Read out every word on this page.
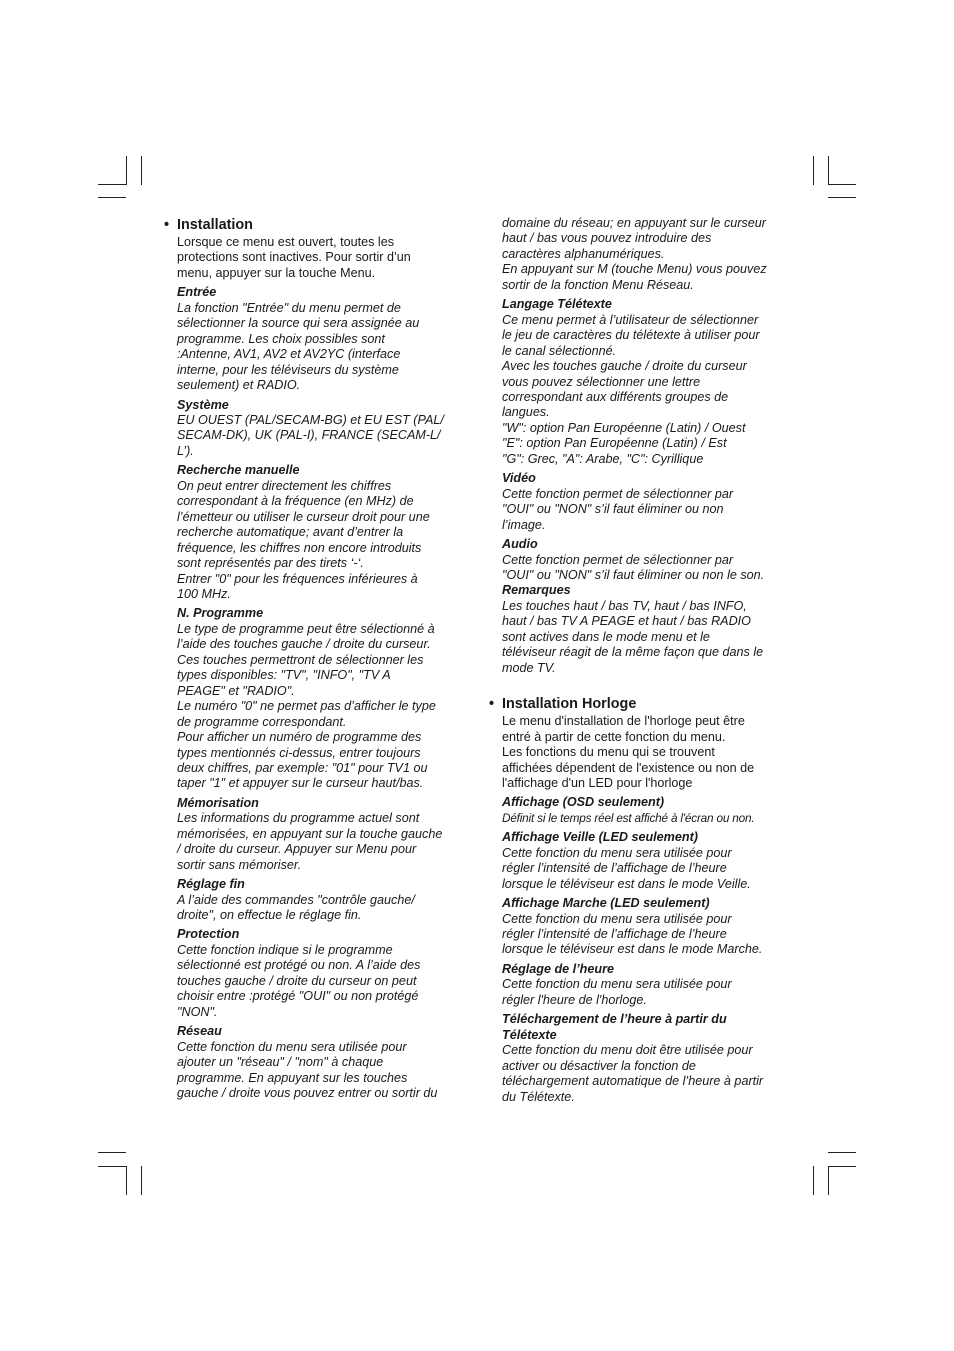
• Installation
Lorsque ce menu est ouvert, toutes les
protections sont inactives. Pour sortir d’un
menu, appuyer sur la touche Menu.
Entrée
La fonction "Entrée" du menu permet de
sélectionner la source qui sera assignée au
programme. Les choix possibles sont
:Antenne, AV1, AV2 et AV2YC (interface
interne, pour les téléviseurs du système
seulement) et RADIO.
Système
EU OUEST (PAL/SECAM-BG) et EU EST (PAL/
SECAM-DK), UK (PAL-I), FRANCE (SECAM-L/
L’).
Recherche manuelle
On peut entrer directement les chiffres
correspondant à la fréquence (en MHz) de
l’émetteur ou utiliser le curseur droit pour une
recherche automatique; avant d’entrer la
fréquence, les chiffres non encore introduits
sont représentés par des tirets ‘-‘.
Entrer "0" pour les fréquences inférieures à
100 MHz.
N. Programme
Le type de programme peut être sélectionné à
l’aide des touches gauche / droite du curseur.
Ces touches permettront de sélectionner les
types disponibles: "TV", "INFO", "TV A
PEAGE" et "RADIO".
Le numéro "0" ne permet pas d’afficher le type
de programme correspondant.
Pour afficher un numéro de programme des
types mentionnés ci-dessus, entrer toujours
deux chiffres, par exemple: "01" pour TV1 ou
taper "1" et appuyer sur le curseur haut/bas.
Mémorisation
Les informations du programme actuel sont
mémorisées, en appuyant sur la touche gauche
/ droite du curseur. Appuyer sur Menu pour
sortir sans mémoriser.
Réglage fin
A l’aide des commandes "contrôle gauche/
droite", on effectue le réglage fin.
Protection
Cette fonction indique si le programme
sélectionné est protégé ou non. A l’aide des
touches gauche / droite du curseur on peut
choisir entre :protégé "OUI" ou non protégé
"NON".
Réseau
Cette fonction du menu sera utilisée pour
ajouter un "réseau" / "nom" à chaque
programme. En appuyant sur les touches
gauche / droite vous pouvez entrer ou sortir du
domaine du réseau; en appuyant sur le curseur
haut / bas vous pouvez introduire des
caractères alphanumériques.
En appuyant sur M (touche Menu) vous pouvez
sortir de la fonction Menu Réseau.
Langage Télétexte
Ce menu permet à l’utilisateur de sélectionner
le jeu de caractères du télétexte à utiliser pour
le canal sélectionné.
Avec les touches gauche / droite du curseur
vous pouvez sélectionner une lettre
correspondant aux différents groupes de
langues.
"W": option Pan Européenne (Latin) / Ouest
"E": option Pan Européenne (Latin) / Est
"G": Grec, "A": Arabe, "C": Cyrillique
Vidéo
Cette fonction permet de sélectionner par
"OUI" ou "NON" s’il faut éliminer ou non
l’image.
Audio
Cette fonction permet de sélectionner par
"OUI" ou "NON" s’il faut éliminer ou non le son.
Remarques
Les touches haut / bas TV, haut / bas INFO,
haut / bas TV A PEAGE et haut / bas RADIO
sont actives dans le mode menu et le
téléviseur réagit de la même façon que dans le
mode TV.
• Installation Horloge
Le menu d'installation de l'horloge peut être
entré à partir de cette fonction du menu.
Les fonctions du menu qui se trouvent
affichées dépendent de l'existence ou non de
l'affichage d'un LED pour l'horloge
Affichage (OSD seulement)
Définit si le temps réel est affiché à l'écran ou non.
Affichage Veille (LED seulement)
Cette fonction du menu sera utilisée pour
régler l’intensité de l’affichage de l’heure
lorsque le téléviseur est dans le mode Veille.
Affichage Marche (LED seulement)
Cette fonction du menu sera utilisée pour
régler l’intensité de l’affichage de l’heure
lorsque le téléviseur est dans le mode Marche.
Réglage de l’heure
Cette fonction du menu sera utilisée pour
régler l'heure de l'horloge.
Téléchargement de l’heure à partir du
Télétexte
Cette fonction du menu doit être utilisée pour
activer ou désactiver la fonction de
téléchargement automatique de l’heure à partir
du Télétexte.
